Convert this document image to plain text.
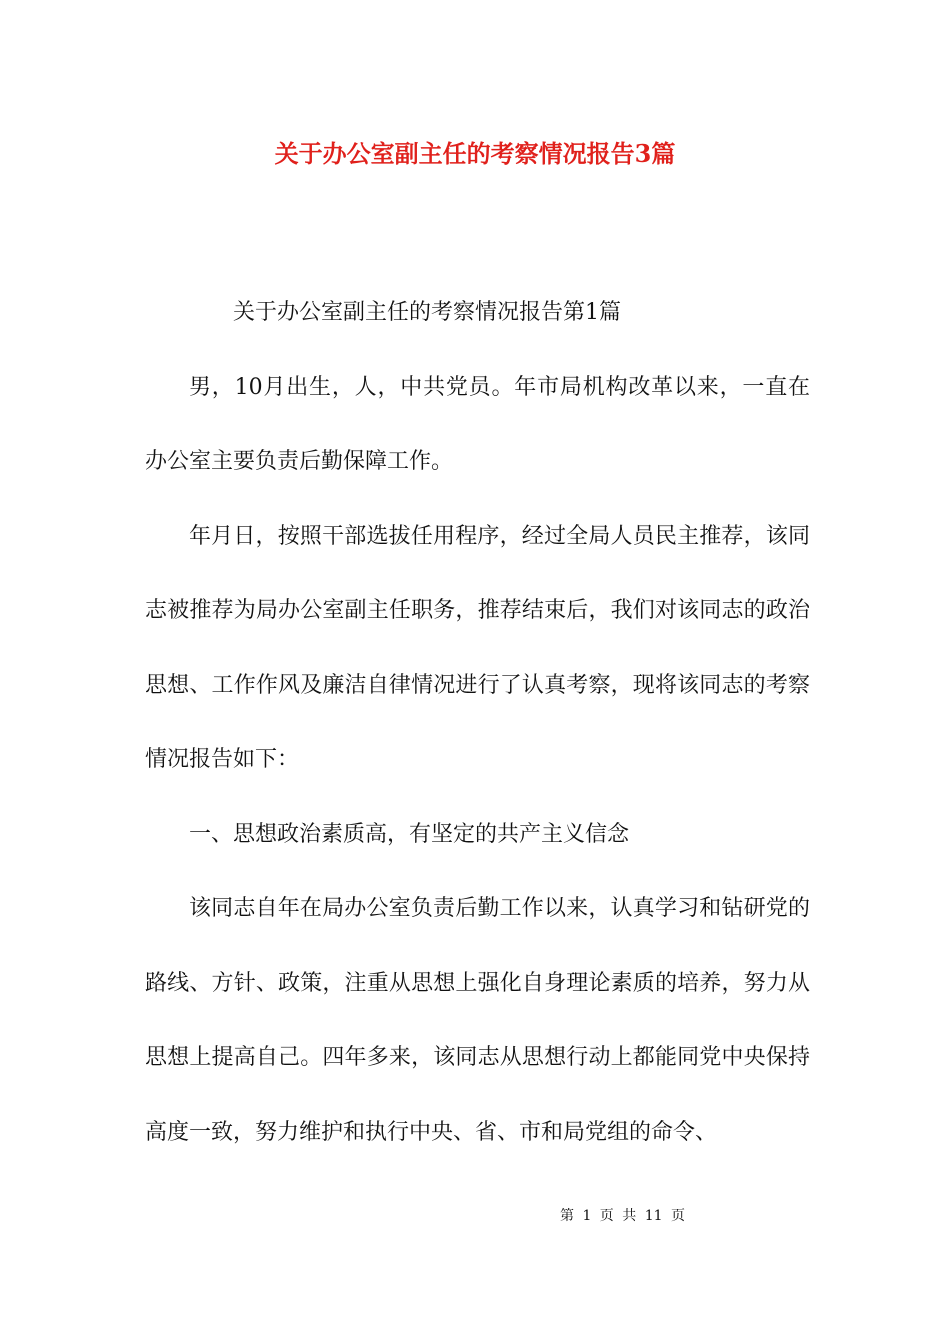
关于办公室副主任的考察情况报告3篇

关于办公室副主任的考察情况报告第1篇

男，10月出生，人，中共党员。年市局机构改革以来，一直在办公室主要负责后勤保障工作。

年月日，按照干部选拔任用程序，经过全局人员民主推荐，该同志被推荐为局办公室副主任职务，推荐结束后，我们对该同志的政治思想、工作作风及廉洁自律情况进行了认真考察，现将该同志的考察情况报告如下：

一、思想政治素质高，有坚定的共产主义信念

该同志自年在局办公室负责后勤工作以来，认真学习和钻研党的路线、方针、政策，注重从思想上强化自身理论素质的培养，努力从思想上提高自己。四年多来，该同志从思想行动上都能同党中央保持高度一致，努力维护和执行中央、省、市和局党组的命令、

第 1 页 共 11 页
